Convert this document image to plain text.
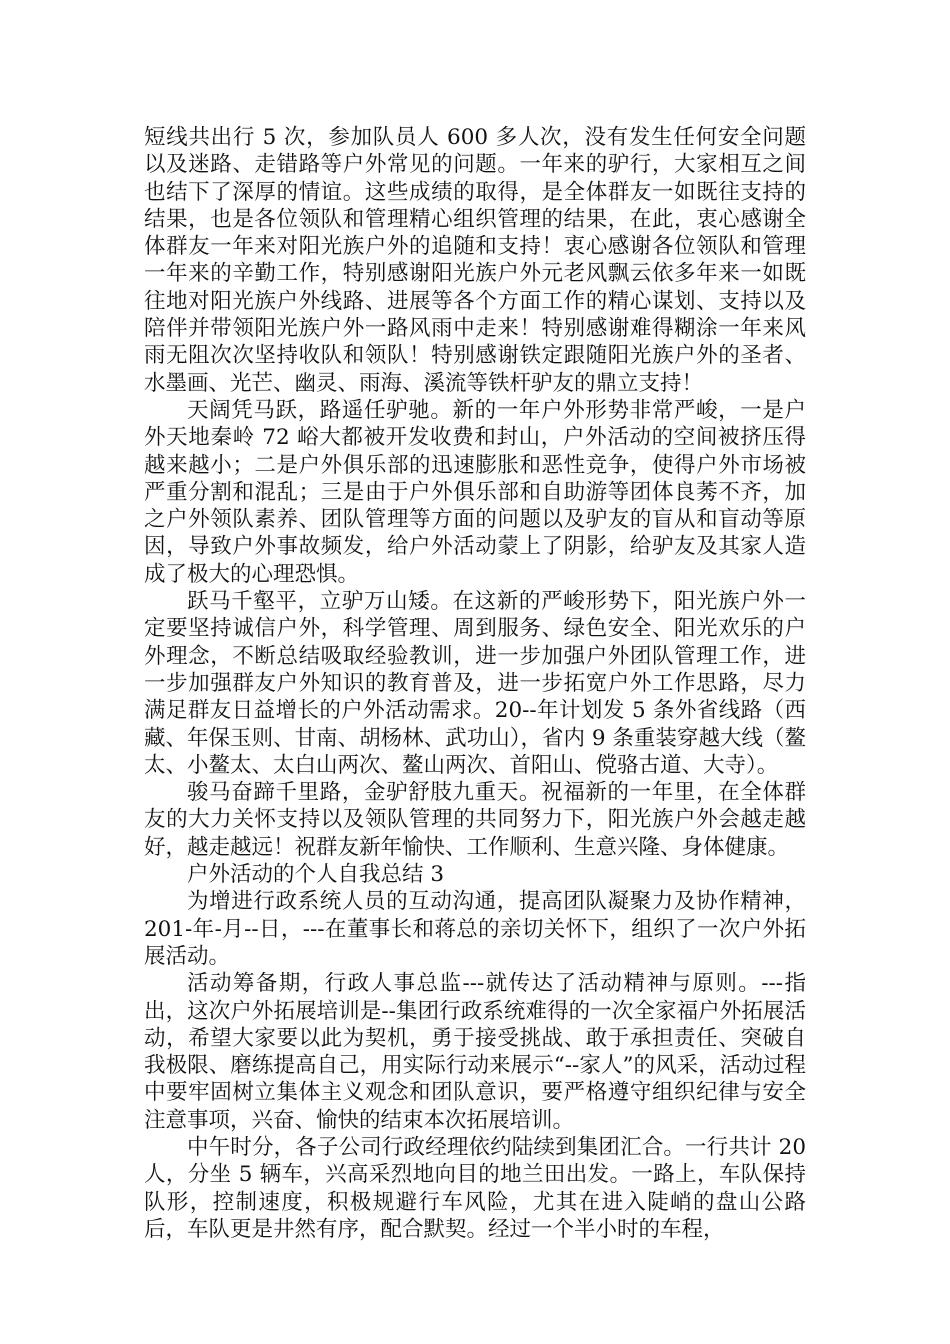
短线共出行 5 次，参加队员人 600 多人次，没有发生任何安全问题以及迷路、走错路等户外常见的问题。一年来的驴行，大家相互之间也结下了深厚的情谊。这些成绩的取得，是全体群友一如既往支持的结果，也是各位领队和管理精心组织管理的结果，在此，衷心感谢全体群友一年来对阳光族户外的追随和支持！衷心感谢各位领队和管理一年来的辛勤工作，特别感谢阳光族户外元老风飘云依多年来一如既往地对阳光族户外线路、进展等各个方面工作的精心谋划、支持以及陪伴并带领阳光族户外一路风雨中走来！特别感谢难得糊涂一年来风雨无阻次次坚持收队和领队！特别感谢铁定跟随阳光族户外的圣者、水墨画、光芒、幽灵、雨海、溪流等铁杆驴友的鼎立支持！

天阔凭马跃，路遥任驴驰。新的一年户外形势非常严峻，一是户外天地秦岭 72 峪大都被开发收费和封山，户外活动的空间被挤压得越来越小；二是户外俱乐部的迅速膨胀和恶性竞争，使得户外市场被严重分割和混乱；三是由于户外俱乐部和自助游等团体良莠不齐，加之户外领队素养、团队管理等方面的问题以及驴友的盲从和盲动等原因，导致户外事故频发，给户外活动蒙上了阴影，给驴友及其家人造成了极大的心理恐惧。

跃马千壑平，立驴万山矮。在这新的严峻形势下，阳光族户外一定要坚持诚信户外，科学管理、周到服务、绿色安全、阳光欢乐的户外理念，不断总结吸取经验教训，进一步加强户外团队管理工作，进一步加强群友户外知识的教育普及，进一步拓宽户外工作思路，尽力满足群友日益增长的户外活动需求。20--年计划发 5 条外省线路（西藏、年保玉则、甘南、胡杨林、武功山），省内 9 条重装穿越大线（鳌太、小鳌太、太白山两次、鳌山两次、首阳山、傥骆古道、大寺）。

骏马奋蹄千里路，金驴舒肢九重天。祝福新的一年里，在全体群友的大力关怀支持以及领队管理的共同努力下，阳光族户外会越走越好，越走越远！祝群友新年愉快、工作顺利、生意兴隆、身体健康。

户外活动的个人自我总结 3

为增进行政系统人员的互动沟通，提高团队凝聚力及协作精神，201-年-月--日，---在董事长和蒋总的亲切关怀下，组织了一次户外拓展活动。

活动筹备期，行政人事总监---就传达了活动精神与原则。---指出，这次户外拓展培训是--集团行政系统难得的一次全家福户外拓展活动，希望大家要以此为契机，勇于接受挑战、敢于承担责任、突破自我极限、磨练提高自己，用实际行动来展示“--家人”的风采，活动过程中要牢固树立集体主义观念和团队意识，要严格遵守组织纪律与安全注意事项，兴奋、愉快的结束本次拓展培训。

中午时分，各子公司行政经理依约陆续到集团汇合。一行共计 20 人，分坐 5 辆车，兴高采烈地向目的地兰田出发。一路上，车队保持队形，控制速度，积极规避行车风险，尤其在进入陡峭的盘山公路后，车队更是井然有序，配合默契。经过一个半小时的车程，
